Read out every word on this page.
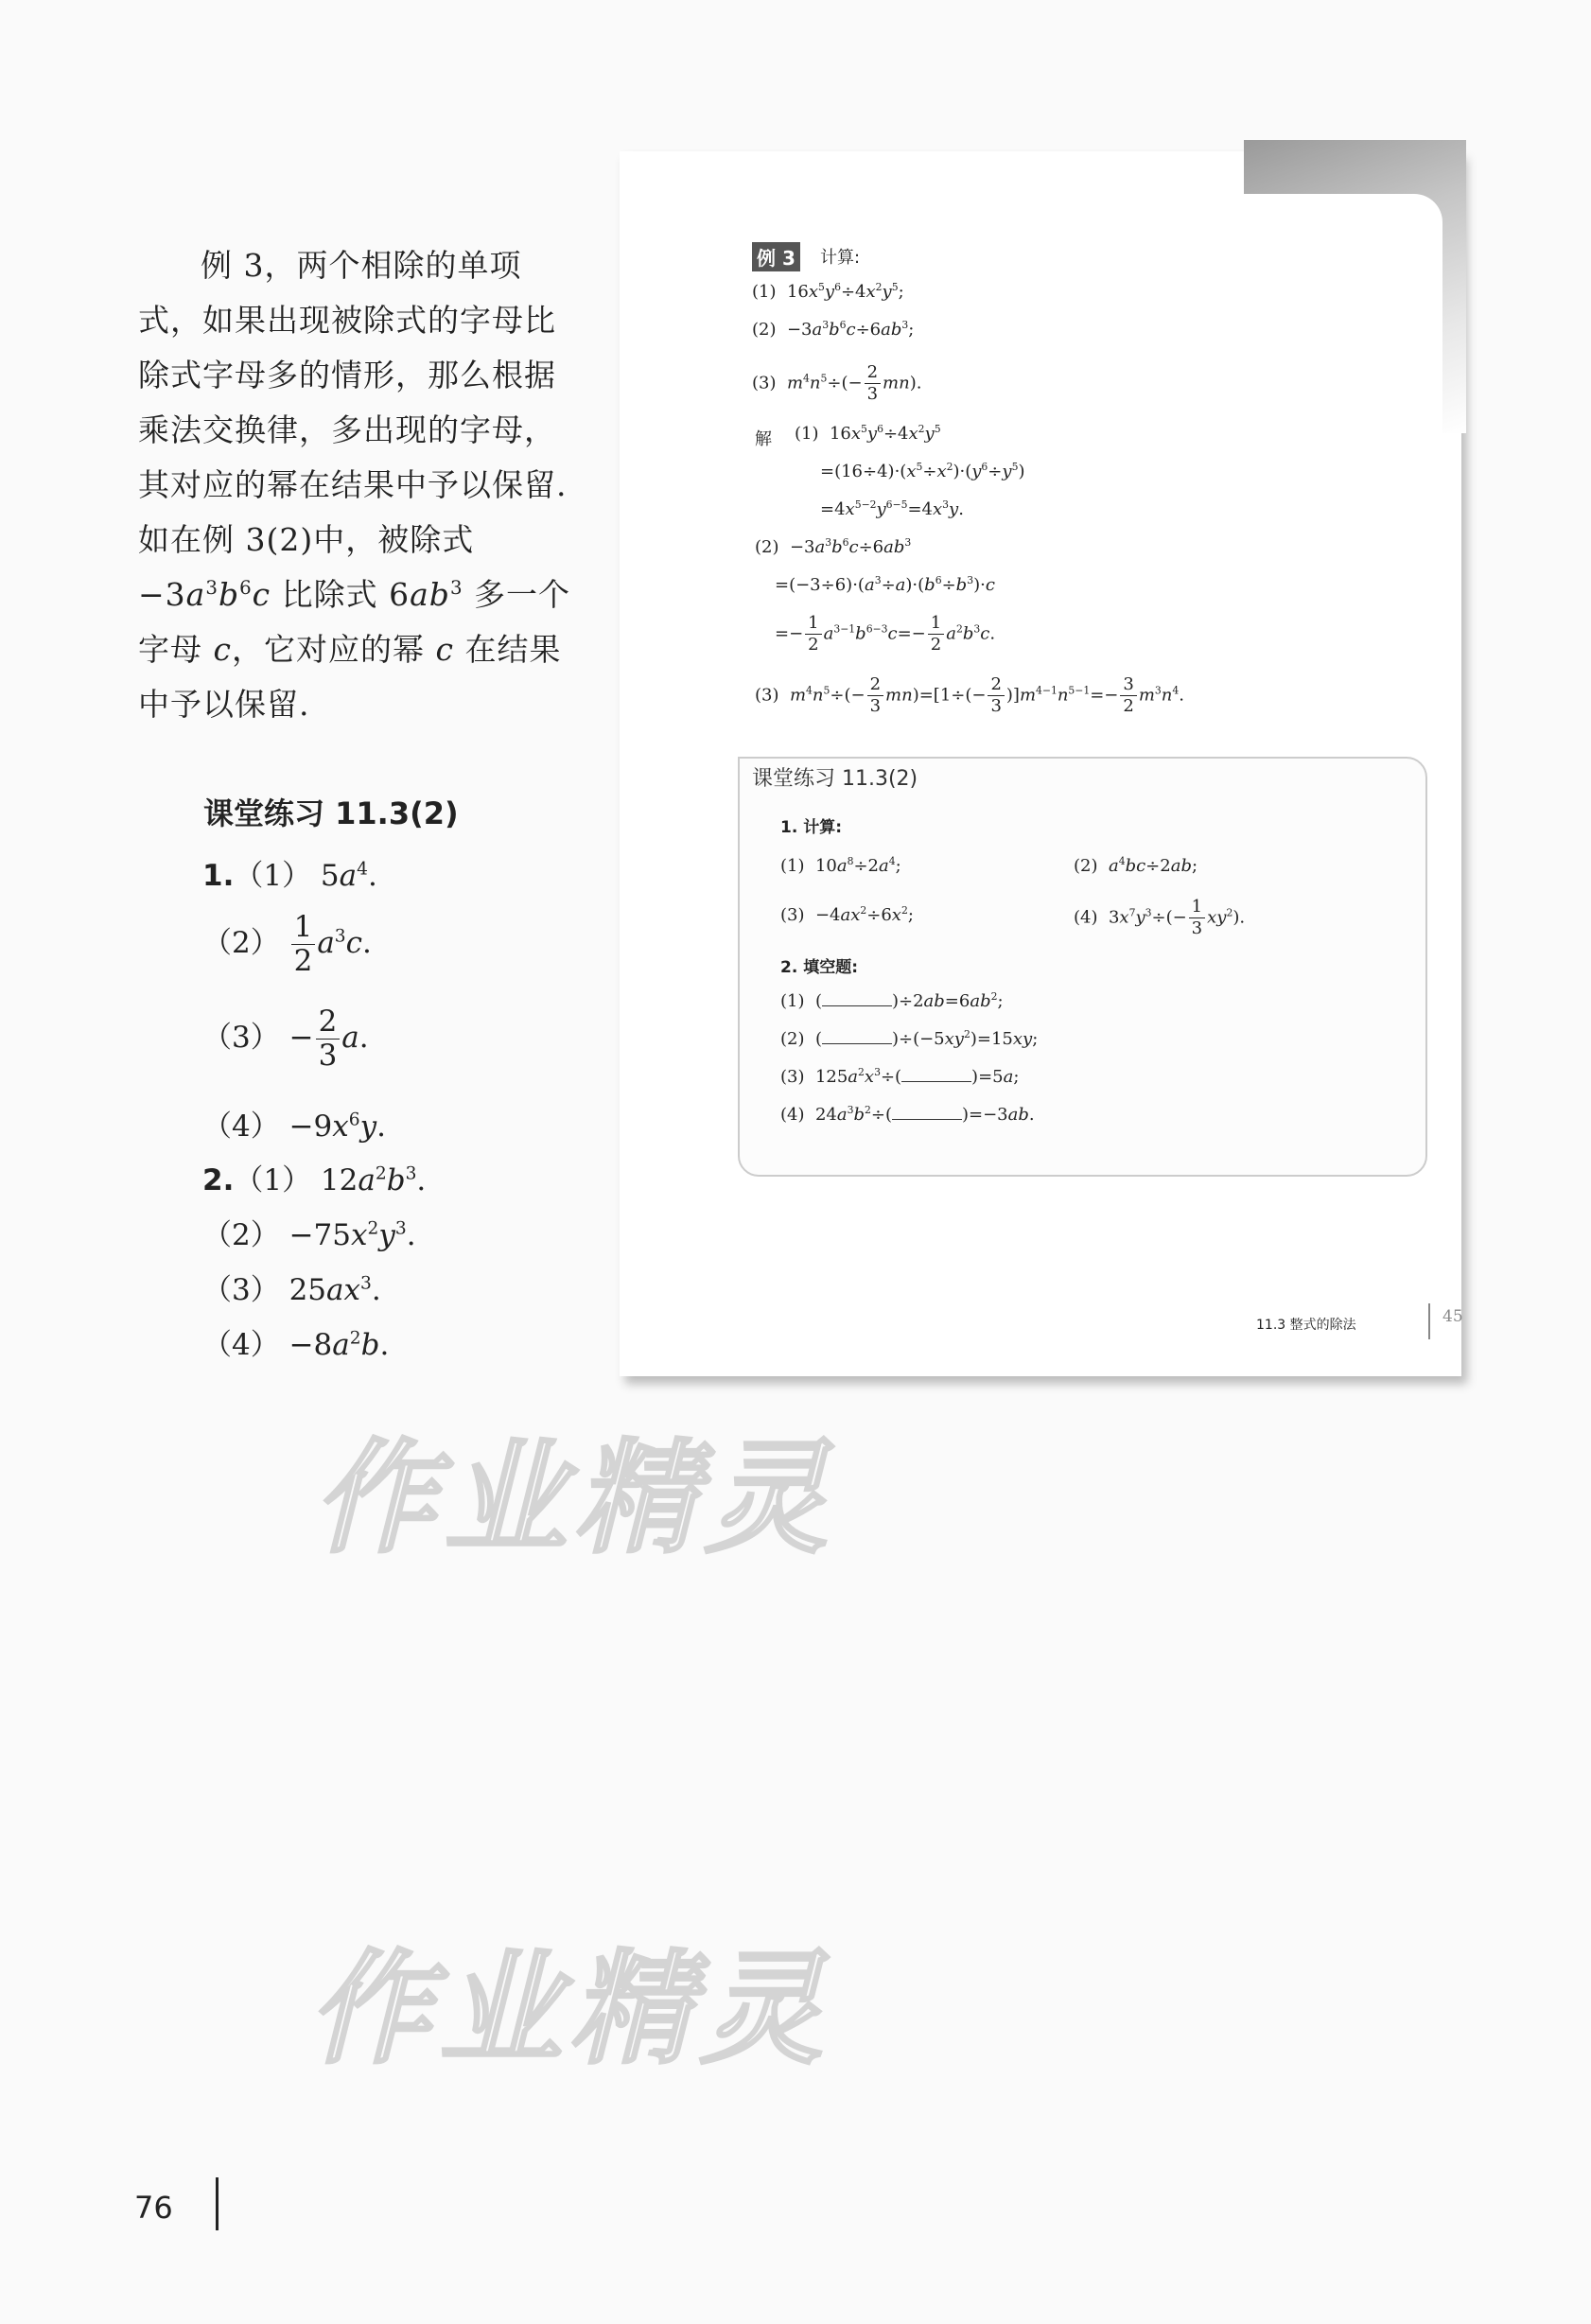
例 3，两个相除的单项式，如果出现被除式的字母比除式字母多的情形，那么根据乘法交换律，多出现的字母，其对应的幂在结果中予以保留. 如在例 3(2)中，被除式 $-3a^3b^6c$ 比除式 $6ab^3$ 多一个字母 c，它对应的幂 c 在结果中予以保留.
课堂练习 11.3(2)
1.（1） $5a^4$.
$(2) \frac{1}{2} a^3c$.
$(3) - \frac{2}{3} a$.
$(4) -9x^6y$.
2.（1） $12a^2b^3$.
$(2) -75x^2y^3$.
（3） $25ax^3$.
$(4) -8a^2b$.
例 3 计算:
(1)  $16x^5y^6\div 4x^2y^5$;
$(2) -3a^3b^6c\div 6ab^3$;
(3)  $m^4n^5\div(- \frac{2}{3} mn)$.
解 (1)  $16x^5y^6\div 4x^2y^5$
$=(16\div 4)\cdot(x^5\div x^2)\cdot(y^6\div y^5)$
$=4x^{5-2}y^{6-5}=4x^3y$.
$(2) -3a^3b^6c\div 6ab^3$
$=(-3\div 6)\cdot(a^3\div a)\cdot(b^6\div b^3)\cdot c$
=− $\frac{1}{2} a^{3-1}b^{6-3}c=- \frac{1}{2} a^2b^3c$.
(3)  $m^4n^5\div(- \frac{2}{3} mn)=[1\div(- \frac{2}{3} )]m^{4-1}n^{5-1}=- \frac{3}{2} m^3n^4$.
课堂练习 11.3(2)
1. 计算:
(1)  $10a^8\div 2a^4$;	(2)  $a^4bc\div 2ab$;
$(3) -4ax^2\div 6x^2$;	(4)  $3x^7y^3\div(- \frac{1}{3} xy^2)$.
2. 填空题:
(1)  (	)$\div 2ab=6ab^2$;
(2)  (	)$\div(-5xy^2)=15xy$;
(3)  $125a^2x^3\div$(	)=5a;
(4)  $24a^3b^2\div$(	)=−3ab.
11.3 整式的除法	45
作业精灵
作业精灵
76
